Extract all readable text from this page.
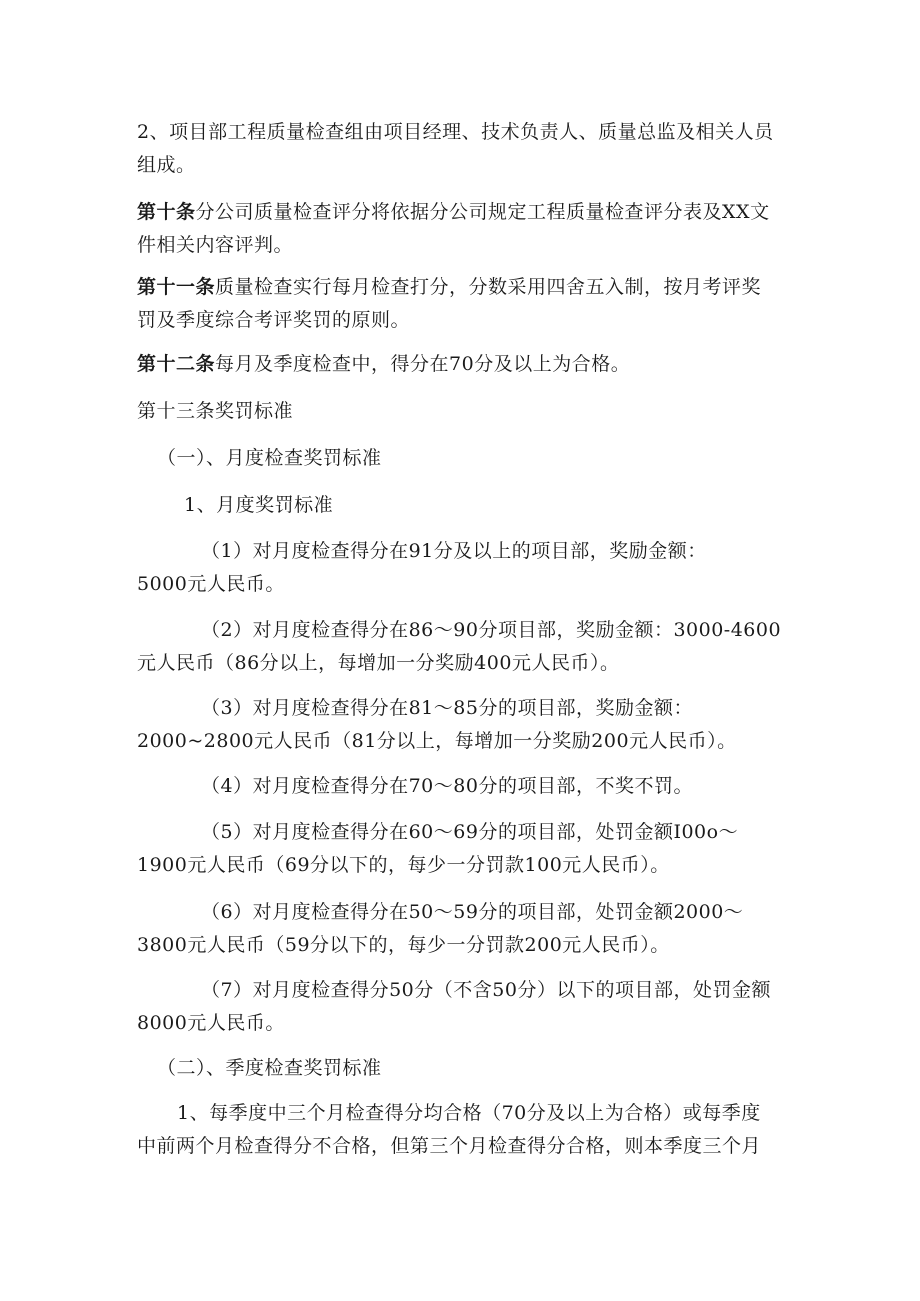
2、项目部工程质量检查组由项目经理、技术负责人、质量总监及相关人员
组成。
第十条分公司质量检查评分将依据分公司规定工程质量检查评分表及XX文
件相关内容评判。
第十一条质量检查实行每月检查打分，分数采用四舍五入制，按月考评奖
罚及季度综合考评奖罚的原则。
第十二条每月及季度检查中，得分在70分及以上为合格。
第十三条奖罚标准
（一）、月度检查奖罚标准
1、月度奖罚标准
（1）对月度检查得分在91分及以上的项目部，奖励金额：
5000元人民币。
（2）对月度检查得分在86～90分项目部，奖励金额：3000-4600
元人民币（86分以上，每增加一分奖励400元人民币）。
（3）对月度检查得分在81～85分的项目部，奖励金额：
2000~2800元人民币（81分以上，每增加一分奖励200元人民币）。
（4）对月度检查得分在70～80分的项目部，不奖不罚。
（5）对月度检查得分在60～69分的项目部，处罚金额I00o～
1900元人民币（69分以下的，每少一分罚款100元人民币）。
（6）对月度检查得分在50～59分的项目部，处罚金额2000～
3800元人民币（59分以下的，每少一分罚款200元人民币）。
（7）对月度检查得分50分（不含50分）以下的项目部，处罚金额
8000元人民币。
（二）、季度检查奖罚标准
1、每季度中三个月检查得分均合格（70分及以上为合格）或每季度
中前两个月检查得分不合格，但第三个月检查得分合格，则本季度三个月
